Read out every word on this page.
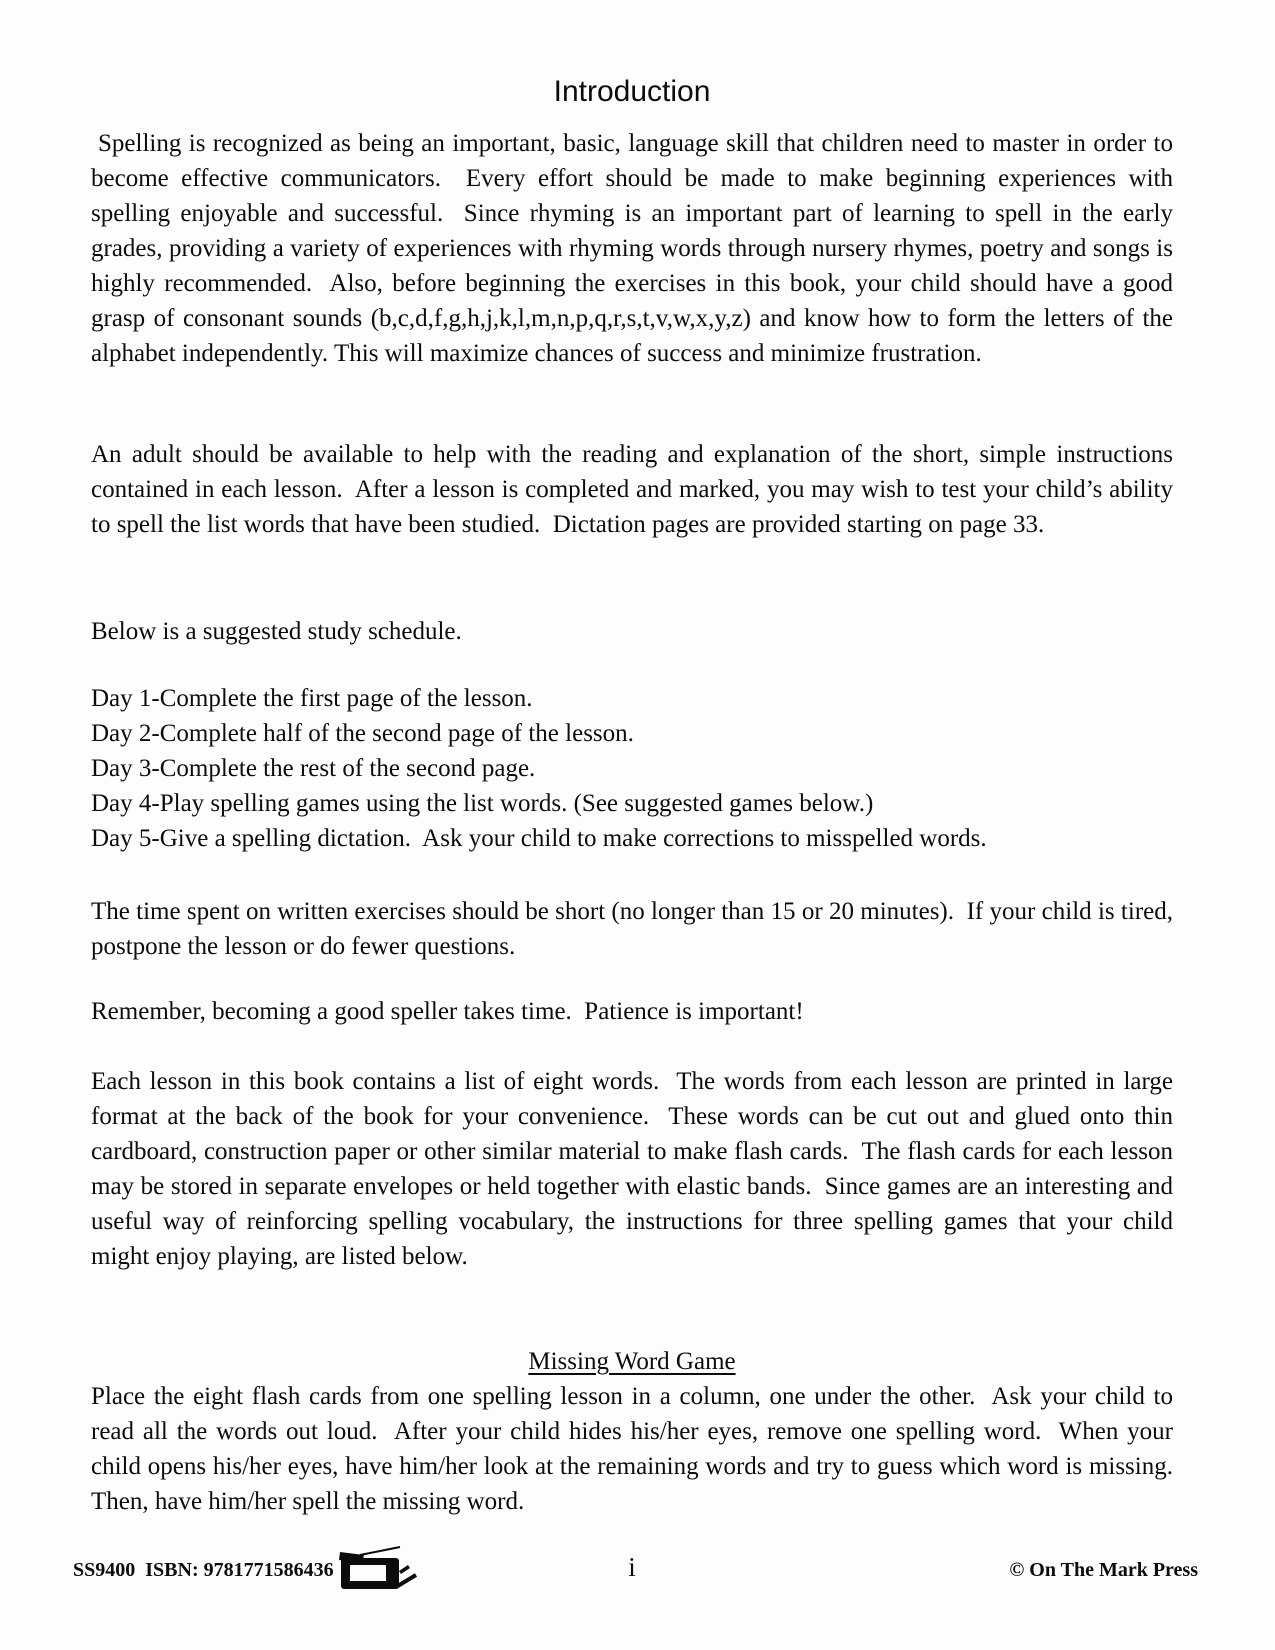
Introduction

Spelling is recognized as being an important, basic, language skill that children need to master in order to become effective communicators.  Every effort should be made to make beginning experiences with spelling enjoyable and successful.  Since rhyming is an important part of learning to spell in the early grades, providing a variety of experiences with rhyming words through nursery rhymes, poetry and songs is highly recommended.  Also, before beginning the exercises in this book, your child should have a good grasp of consonant sounds (b,c,d,f,g,h,j,k,l,m,n,p,q,r,s,t,v,w,x,y,z) and know how to form the letters of the alphabet independently. This will maximize chances of success and minimize frustration.

An adult should be available to help with the reading and explanation of the short, simple instructions contained in each lesson.  After a lesson is completed and marked, you may wish to test your child’s ability to spell the list words that have been studied.  Dictation pages are provided starting on page 33.

Below is a suggested study schedule.

Day 1-Complete the first page of the lesson.
Day 2-Complete half of the second page of the lesson.
Day 3-Complete the rest of the second page.
Day 4-Play spelling games using the list words. (See suggested games below.)
Day 5-Give a spelling dictation.  Ask your child to make corrections to misspelled words.

The time spent on written exercises should be short (no longer than 15 or 20 minutes).  If your child is tired, postpone the lesson or do fewer questions.

Remember, becoming a good speller takes time.  Patience is important!

Each lesson in this book contains a list of eight words.  The words from each lesson are printed in large format at the back of the book for your convenience.  These words can be cut out and glued onto thin cardboard, construction paper or other similar material to make flash cards.  The flash cards for each lesson may be stored in separate envelopes or held together with elastic bands.  Since games are an interesting and useful way of reinforcing spelling vocabulary, the instructions for three spelling games that your child might enjoy playing, are listed below.

Missing Word Game

Place the eight flash cards from one spelling lesson in a column, one under the other.  Ask your child to read all the words out loud.  After your child hides his/her eyes, remove one spelling word.  When your child opens his/her eyes, have him/her look at the remaining words and try to guess which word is missing.  Then, have him/her spell the missing word.

SS9400 ISBN: 9781771586436	i	© On The Mark Press
